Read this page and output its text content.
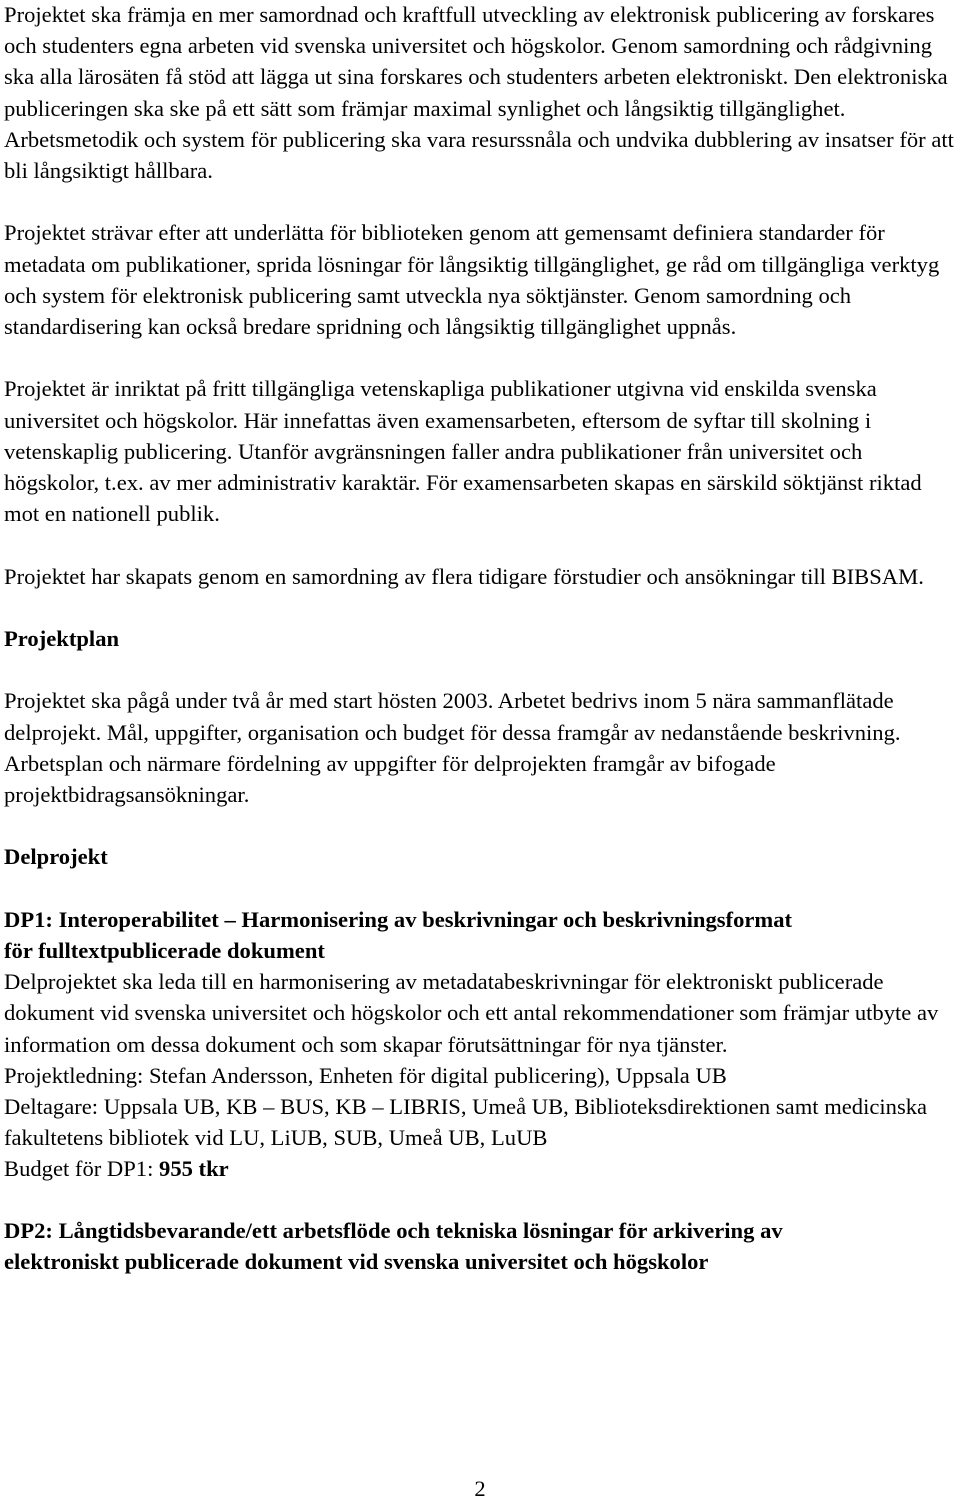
Projektet ska främja en mer samordnad och kraftfull utveckling av elektronisk publicering av forskares och studenters egna arbeten vid svenska universitet och högskolor. Genom samordning och rådgivning ska alla lärosäten få stöd att lägga ut sina forskares och studenters arbeten elektroniskt. Den elektroniska publiceringen ska ske på ett sätt som främjar maximal synlighet och långsiktig tillgänglighet. Arbetsmetodik och system för publicering ska vara resurssnåla och undvika dubblering av insatser för att bli långsiktigt hållbara.

Projektet strävar efter att underlätta för biblioteken genom att gemensamt definiera standarder för metadata om publikationer, sprida lösningar för långsiktig tillgänglighet, ge råd om tillgängliga verktyg och system för elektronisk publicering samt utveckla nya söktjänster. Genom samordning och standardisering kan också bredare spridning och långsiktig tillgänglighet uppnås.

Projektet är inriktat på fritt tillgängliga vetenskapliga publikationer utgivna vid enskilda svenska universitet och högskolor. Här innefattas även examensarbeten, eftersom de syftar till skolning i vetenskaplig publicering. Utanför avgränsningen faller andra publikationer från universitet och högskolor, t.ex. av mer administrativ karaktär. För examensarbeten skapas en särskild söktjänst riktad mot en nationell publik.

Projektet har skapats genom en samordning av flera tidigare förstudier och ansökningar till BIBSAM.

Projektplan

Projektet ska pågå under två år med start hösten 2003. Arbetet bedrivs inom 5 nära sammanflätade delprojekt. Mål, uppgifter, organisation och budget för dessa framgår av nedanstående beskrivning. Arbetsplan och närmare fördelning av uppgifter för delprojekten framgår av bifogade projektbidragsansökningar.

Delprojekt

DP1: Interoperabilitet – Harmonisering av beskrivningar och beskrivningsformat

för fulltextpublicerade dokument

Delprojektet ska leda till en harmonisering av metadatabeskrivningar för elektroniskt publicerade dokument vid svenska universitet och högskolor och ett antal rekommendationer som främjar utbyte av information om dessa dokument och som skapar förutsättningar för nya tjänster.

Projektledning: Stefan Andersson, Enheten för digital publicering), Uppsala UB

Deltagare: Uppsala UB, KB – BUS, KB – LIBRIS, Umeå UB, Biblioteksdirektionen samt medicinska fakultetens bibliotek vid LU, LiUB, SUB, Umeå UB, LuUB

Budget för DP1: 955 tkr

DP2: Långtidsbevarande/ett arbetsflöde och tekniska lösningar för arkivering av

elektroniskt publicerade dokument vid svenska universitet och högskolor

2
